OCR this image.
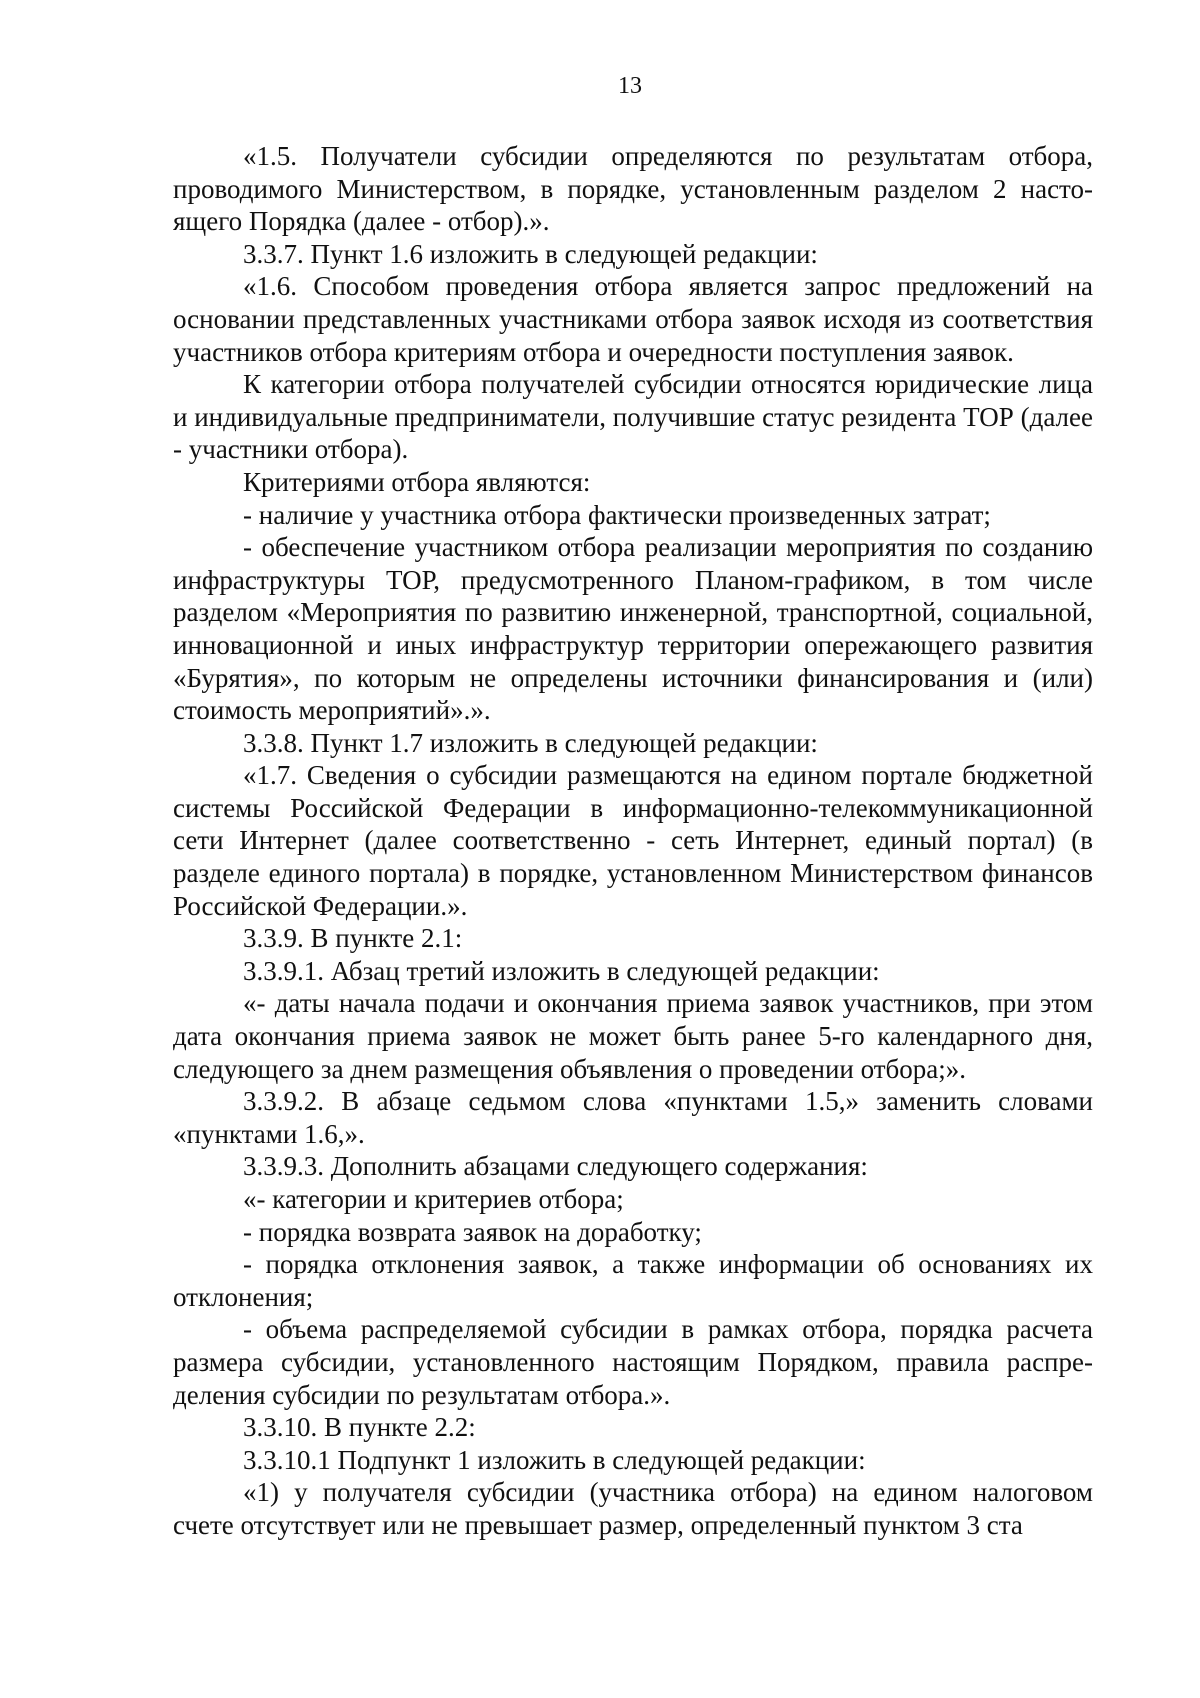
13

«1.5. Получатели субсидии определяются по результатам отбора, проводимого Министерством, в порядке, установленным разделом 2 настоящего Порядка (далее - отбор).».

3.3.7. Пункт 1.6 изложить в следующей редакции:

«1.6. Способом проведения отбора является запрос предложений на основании представленных участниками отбора заявок исходя из соответствия участников отбора критериям отбора и очередности поступления заявок.

К категории отбора получателей субсидии относятся юридические лица и индивидуальные предприниматели, получившие статус резидента ТОР (далее - участники отбора).

Критериями отбора являются:

- наличие у участника отбора фактически произведенных затрат;

- обеспечение участником отбора реализации мероприятия по созданию инфраструктуры ТОР, предусмотренного Планом-графиком, в том числе разделом «Мероприятия по развитию инженерной, транспортной, социальной, инновационной и иных инфраструктур территории опережающего развития «Бурятия», по которым не определены источники финансирования и (или) стоимость мероприятий».».

3.3.8. Пункт 1.7 изложить в следующей редакции:

«1.7. Сведения о субсидии размещаются на едином портале бюджетной системы Российской Федерации в информационно-телекоммуникационной сети Интернет (далее соответственно - сеть Интернет, единый портал) (в разделе единого портала) в порядке, установленном Министерством финансов Российской Федерации.».

3.3.9. В пункте 2.1:

3.3.9.1. Абзац третий изложить в следующей редакции:

«- даты начала подачи и окончания приема заявок участников, при этом дата окончания приема заявок не может быть ранее 5-го календарного дня, следующего за днем размещения объявления о проведении отбора;».

3.3.9.2. В абзаце седьмом слова «пунктами 1.5,» заменить словами «пунктами 1.6,».

3.3.9.3. Дополнить абзацами следующего содержания:

«- категории и критериев отбора;

- порядка возврата заявок на доработку;

- порядка отклонения заявок, а также информации об основаниях их отклонения;

- объема распределяемой субсидии в рамках отбора, порядка расчета размера субсидии, установленного настоящим Порядком, правила распределения субсидии по результатам отбора.».

3.3.10. В пункте 2.2:

3.3.10.1 Подпункт 1 изложить в следующей редакции:

«1) у получателя субсидии (участника отбора) на едином налоговом счете отсутствует или не превышает размер, определенный пунктом 3 ста
